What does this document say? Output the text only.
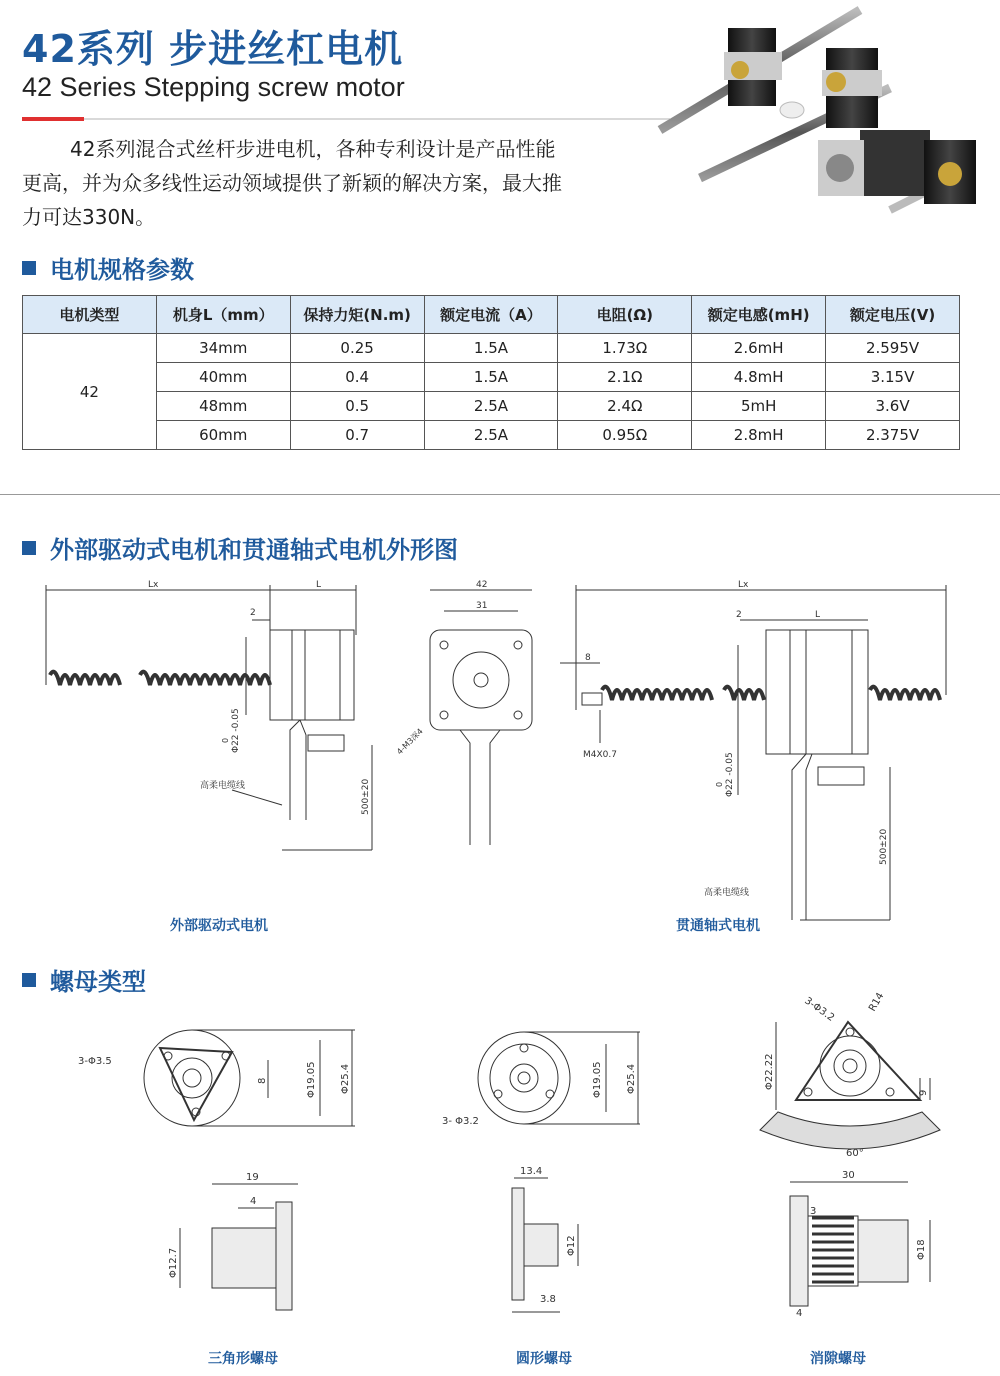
42系列 步进丝杠电机
42 Series Stepping screw motor

42系列混合式丝杆步进电机，各种专利设计是产品性能更高，并为众多线性运动领域提供了新颖的解决方案，最大推力可达330N。

电机规格参数
电机类型	机身L（mm）	保持力矩(N.m)	额定电流（A）	电阻(Ω)	额定电感(mH)	额定电压(V)
42	34mm	0.25	1.5A	1.73Ω	2.6mH	2.595V
	40mm	0.4	1.5A	2.1Ω	4.8mH	3.15V
	48mm	0.5	2.5A	2.4Ω	5mH	3.6V
	60mm	0.7	2.5A	0.95Ω	2.8mH	2.375V
外部驱动式电机和贯通轴式电机外形图
Lx	L
2
Φ22 -0.05
0
高柔电缆线	500±20
42
31
4-M3深4
Lx
L
2
8
M4X0.7	Φ22 -0.05
0
高柔电缆线
500±20
外部驱动式电机	贯通轴式电机
螺母类型
3-Φ3.5	Φ19.05 Φ25.4
8
3- Φ3.2
Φ19.05 Φ25.4
3-Φ3.2	R14
Φ22.22
9
60°
19
4
Φ12.7
13.4
Φ12
3.8
30
3
Φ18
4
三角形螺母	圆形螺母	消隙螺母
